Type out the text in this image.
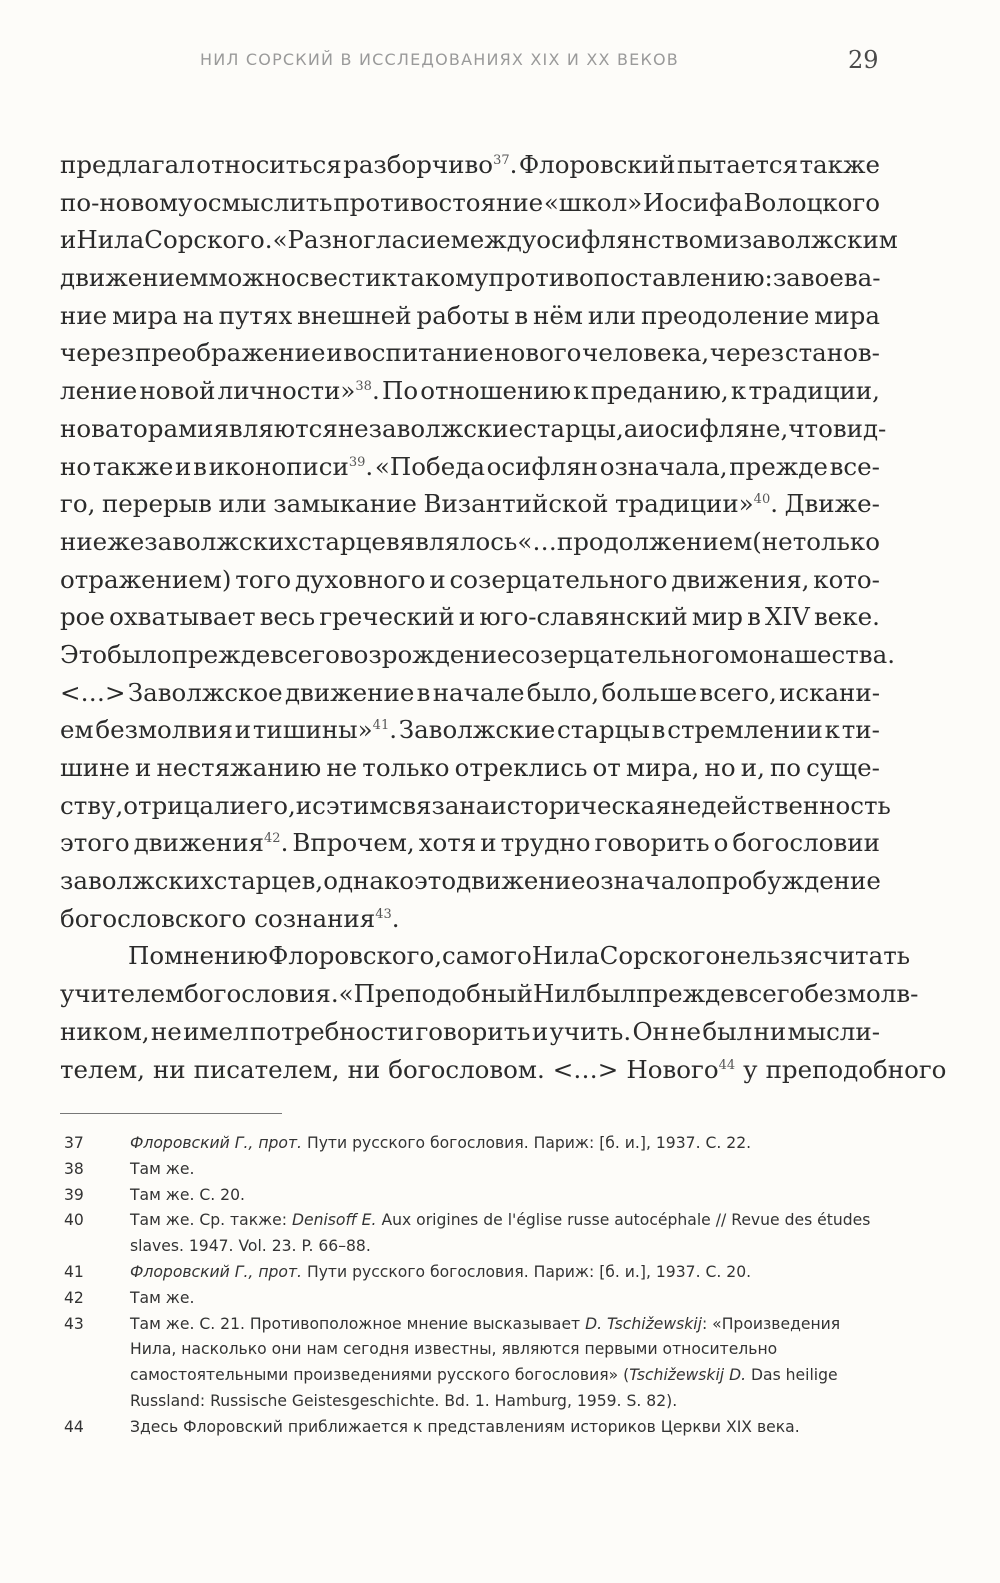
НИЛ СОРСКИЙ В ИССЛЕДОВАНИЯХ XIX И XX ВЕКОВ	29
предлагал относиться разборчиво$^{37}$. Флоровский пытается также
по-новому осмыслить противостояние «школ» Иосифа Волоцкого
и Нила Сорского. «Разногласие между осифлянством и заволжским
движением можно свести к такому противопоставлению: завоева-
ние мира на путях внешней работы в нём или преодоление мира
через преображение и воспитание нового человека, через станов-
ление новой личности»$^{38}$. По отношению к преданию, к традиции,
новаторами являются не заволжские старцы, а иосифляне, что вид-
но также и в иконописи$^{39}$. «Победа осифлян означала, прежде все-
го, перерыв или замыкание Византийской традиции»$^{40}$. Движе-
ние же заволжских старцев являлось «…продолжением (не только
отражением) того духовного и созерцательного движения, кото-
рое охватывает весь греческий и юго-славянский мир в XIV веке.
Это было прежде всего возрождение созерцательного монашества.
<…> Заволжское движение в начале было, больше всего, искани-
ем безмолвия и тишины»$^{41}$. Заволжские старцы в стремлении к ти-
шине и нестяжанию не только отреклись от мира, но и, по суще-
ству, отрицали его, и с этим связана историческая недейственность
этого движения$^{42}$. Впрочем, хотя и трудно говорить о богословии
заволжских старцев, однако это движение означало пробуждение
богословского сознания$^{43}$.
По мнению Флоровского, самого Нила Сорского нельзя считать
учителем богословия. «Преподобный Нил был прежде всего безмолв-
ником, не имел потребности говорить и учить. Он не был ни мысли-
телем, ни писателем, ни богословом. <…> Нового$^{44}$ у преподобного
37	Флоровский Г., прот. Пути русского богословия. Париж: [б. и.], 1937. С. 22.
38	Там же.
39	Там же. С. 20.
40	Там же. Ср. также: Denisoff E. Aux origines de l'église russe autocéphale // Revue des études slaves. 1947. Vol. 23. P. 66–88.
41	Флоровский Г., прот. Пути русского богословия. Париж: [б. и.], 1937. С. 20.
42	Там же.
43	Там же. С. 21. Противоположное мнение высказывает D. Tschižewskij: «Произведения Нила, насколько они нам сегодня известны, являются первыми относительно самостоятельными произведениями русского богословия» (Tschižewskij D. Das heilige Russland: Russische Geistesgeschichte. Bd. 1. Hamburg, 1959. S. 82).
44	Здесь Флоровский приближается к представлениям историков Церкви XIX века.
